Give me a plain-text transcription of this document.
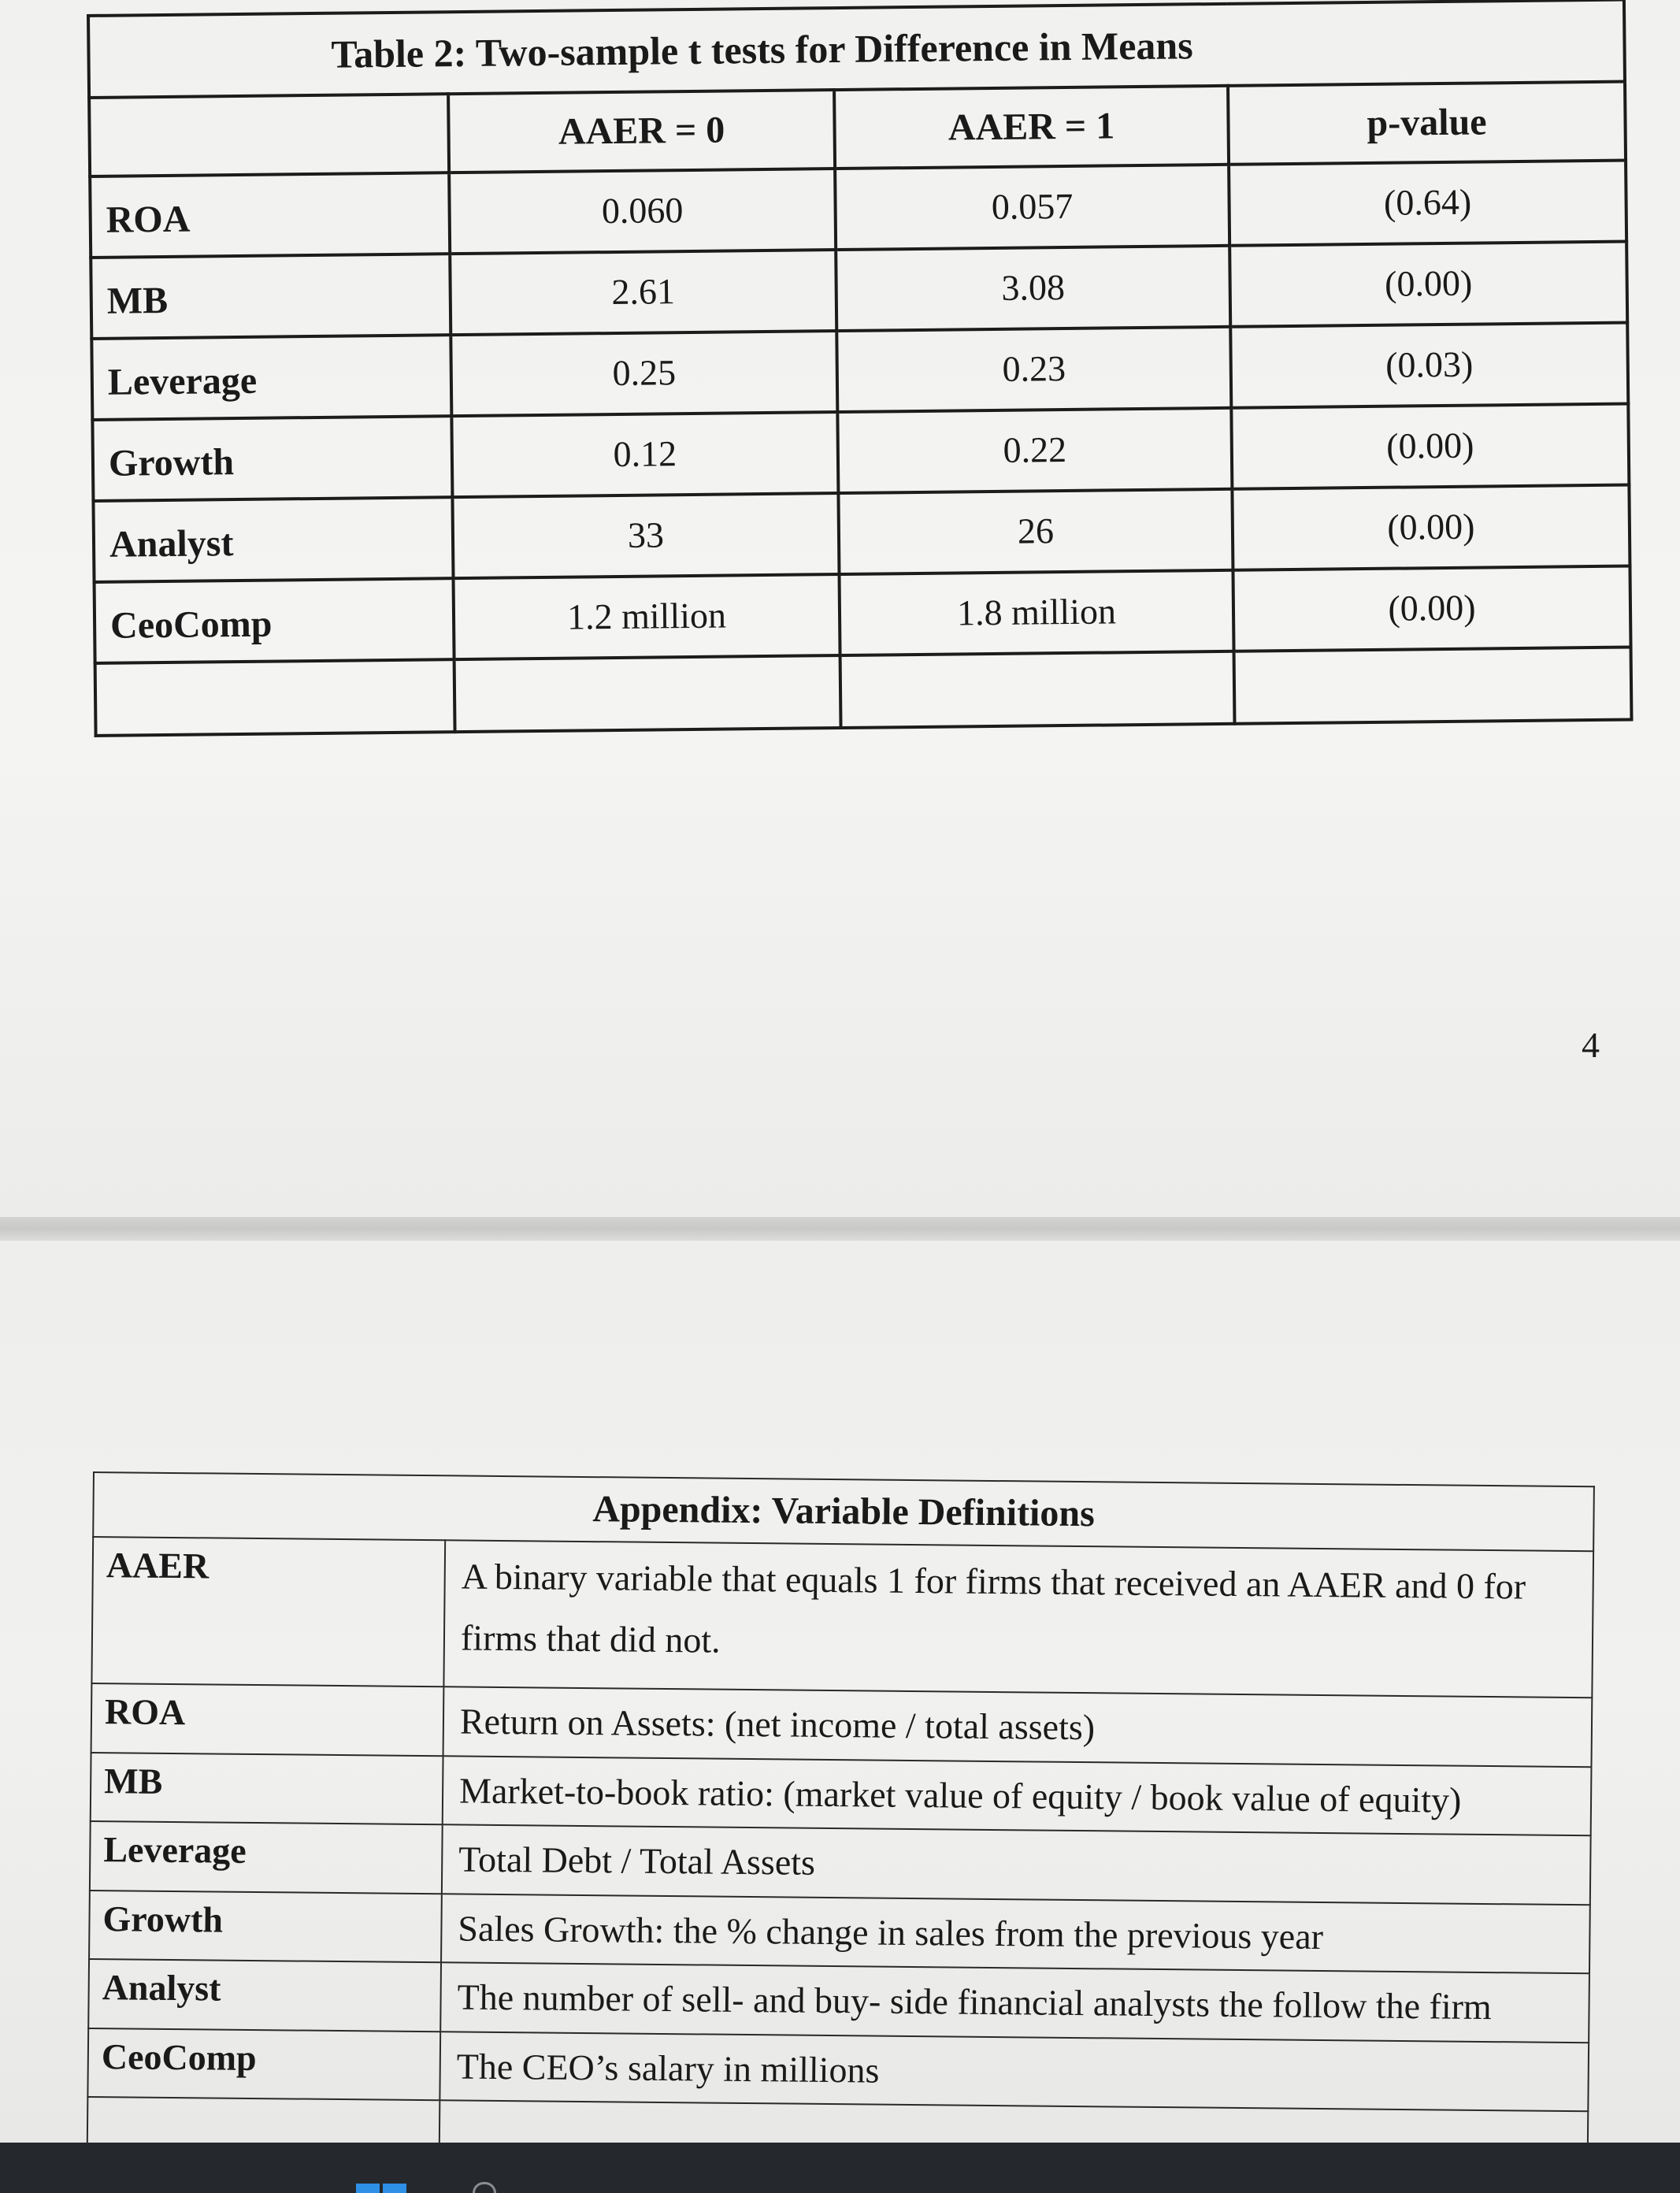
Table 2: Two-sample t tests for Difference in Means			
	AAER = 0	AAER = 1	p-value
ROA	0.060	0.057	(0.64)
MB	2.61	3.08	(0.00)
Leverage	0.25	0.23	(0.03)
Growth	0.12	0.22	(0.00)
Analyst	33	26	(0.00)
CeoComp	1.2 million	1.8 million	(0.00)

4
Appendix: Variable Definitions	
AAER	A binary variable that equals 1 for firms that received an AAER and 0 for firms that did not.
ROA	Return on Assets: (net income / total assets)
MB	Market-to-book ratio: (market value of equity / book value of equity)
Leverage	Total Debt / Total Assets
Growth	Sales Growth: the % change in sales from the previous year
Analyst	The number of sell- and buy- side financial analysts the follow the firm
CeoComp	The CEO’s salary in millions
